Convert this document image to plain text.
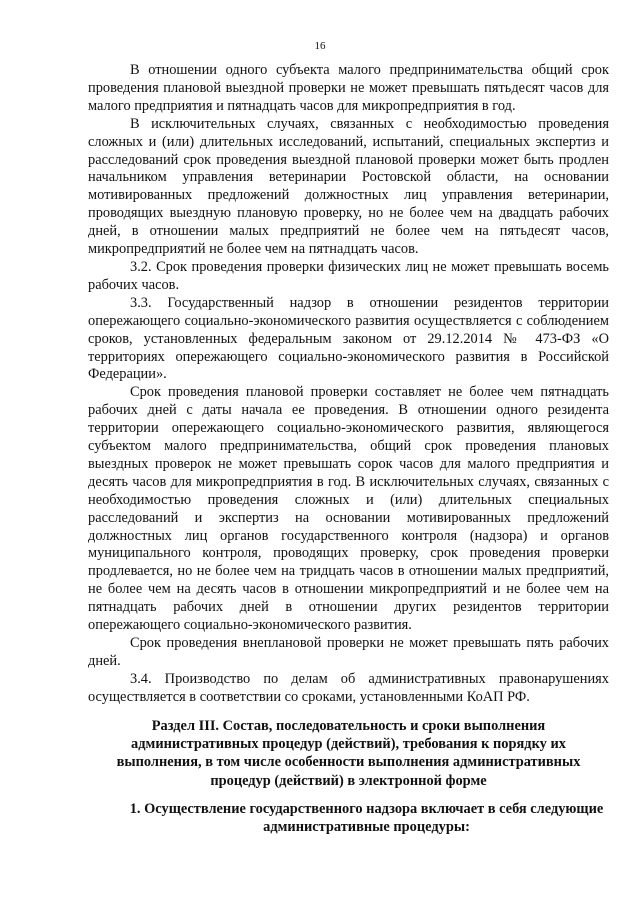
16

В отношении одного субъекта малого предпринимательства общий срок проведения плановой выездной проверки не может превышать пятьдесят часов для малого предприятия и пятнадцать часов для микропредприятия в год.

В исключительных случаях, связанных с необходимостью проведения сложных и (или) длительных исследований, испытаний, специальных экспертиз и расследований срок проведения выездной плановой проверки может быть продлен начальником управления ветеринарии Ростовской области, на основании мотивированных предложений должностных лиц управления ветеринарии, проводящих выездную плановую проверку, но не более чем на двадцать рабочих дней, в отношении малых предприятий не более чем на пятьдесят часов, микропредприятий не более чем на пятнадцать часов.

3.2. Срок проведения проверки физических лиц не может превышать восемь рабочих часов.

3.3. Государственный надзор в отношении резидентов территории опережающего социально-экономического развития осуществляется с соблюдением сроков, установленных федеральным законом от 29.12.2014 № 473-ФЗ «О территориях опережающего социально-экономического развития в Российской Федерации».

Срок проведения плановой проверки составляет не более чем пятнадцать рабочих дней с даты начала ее проведения. В отношении одного резидента территории опережающего социально-экономического развития, являющегося субъектом малого предпринимательства, общий срок проведения плановых выездных проверок не может превышать сорок часов для малого предприятия и десять часов для микропредприятия в год. В исключительных случаях, связанных с необходимостью проведения сложных и (или) длительных специальных расследований и экспертиз на основании мотивированных предложений должностных лиц органов государственного контроля (надзора) и органов муниципального контроля, проводящих проверку, срок проведения проверки продлевается, но не более чем на тридцать часов в отношении малых предприятий, не более чем на десять часов в отношении микропредприятий и не более чем на пятнадцать рабочих дней в отношении других резидентов территории опережающего социально-экономического развития.

Срок проведения внеплановой проверки не может превышать пять рабочих дней.

3.4. Производство по делам об административных правонарушениях осуществляется в соответствии со сроками, установленными КоАП РФ.

Раздел III. Состав, последовательность и сроки выполнения административных процедур (действий), требования к порядку их выполнения, в том числе особенности выполнения административных процедур (действий) в электронной форме
1. Осуществление государственного надзора включает в себя следующие административные процедуры:
